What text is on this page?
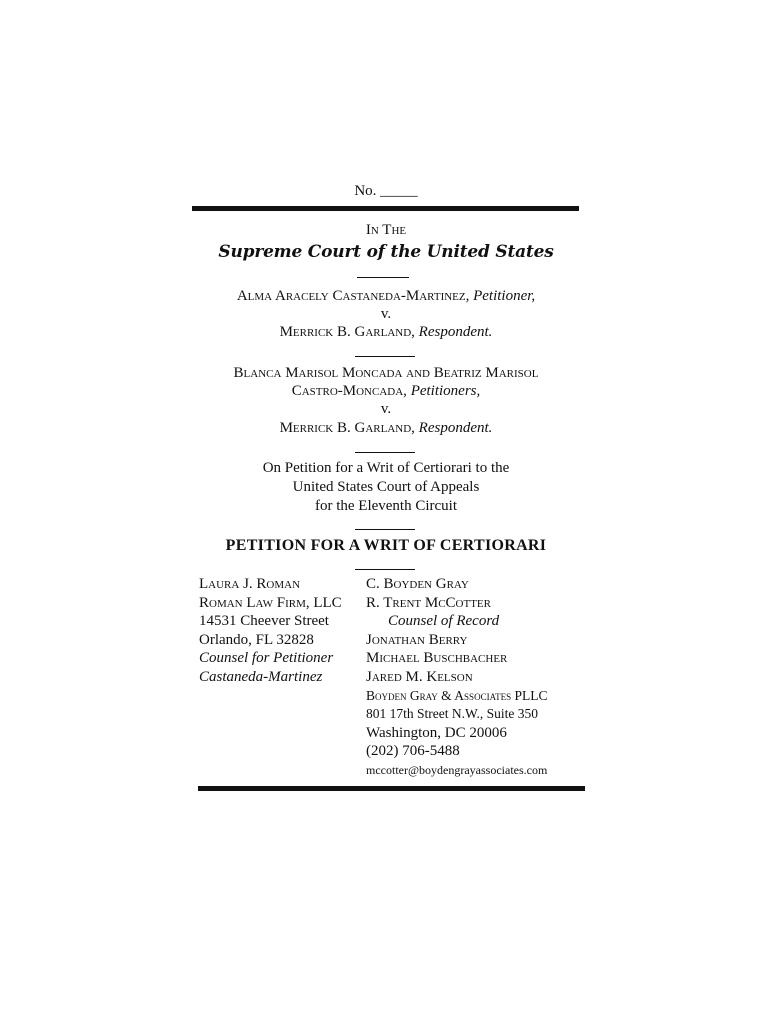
No. _____
In The
Supreme Court of the United States
Alma Aracely Castaneda-Martinez, Petitioner,
v.
Merrick B. Garland, Respondent.
Blanca Marisol Moncada and Beatriz Marisol
Castro-Moncada, Petitioners,
v.
Merrick B. Garland, Respondent.
On Petition for a Writ of Certiorari to the
United States Court of Appeals
for the Eleventh Circuit
PETITION FOR A WRIT OF CERTIORARI
Laura J. Roman
Roman Law Firm, LLC
14531 Cheever Street
Orlando, FL 32828
Counsel for Petitioner
Castaneda-Martinez
C. Boyden Gray
R. Trent McCotter
Counsel of Record
Jonathan Berry
Michael Buschbacher
Jared M. Kelson
Boyden Gray & Associates PLLC
801 17th Street N.W., Suite 350
Washington, DC 20006
(202) 706-5488
mccotter@boydengrayassociates.com
